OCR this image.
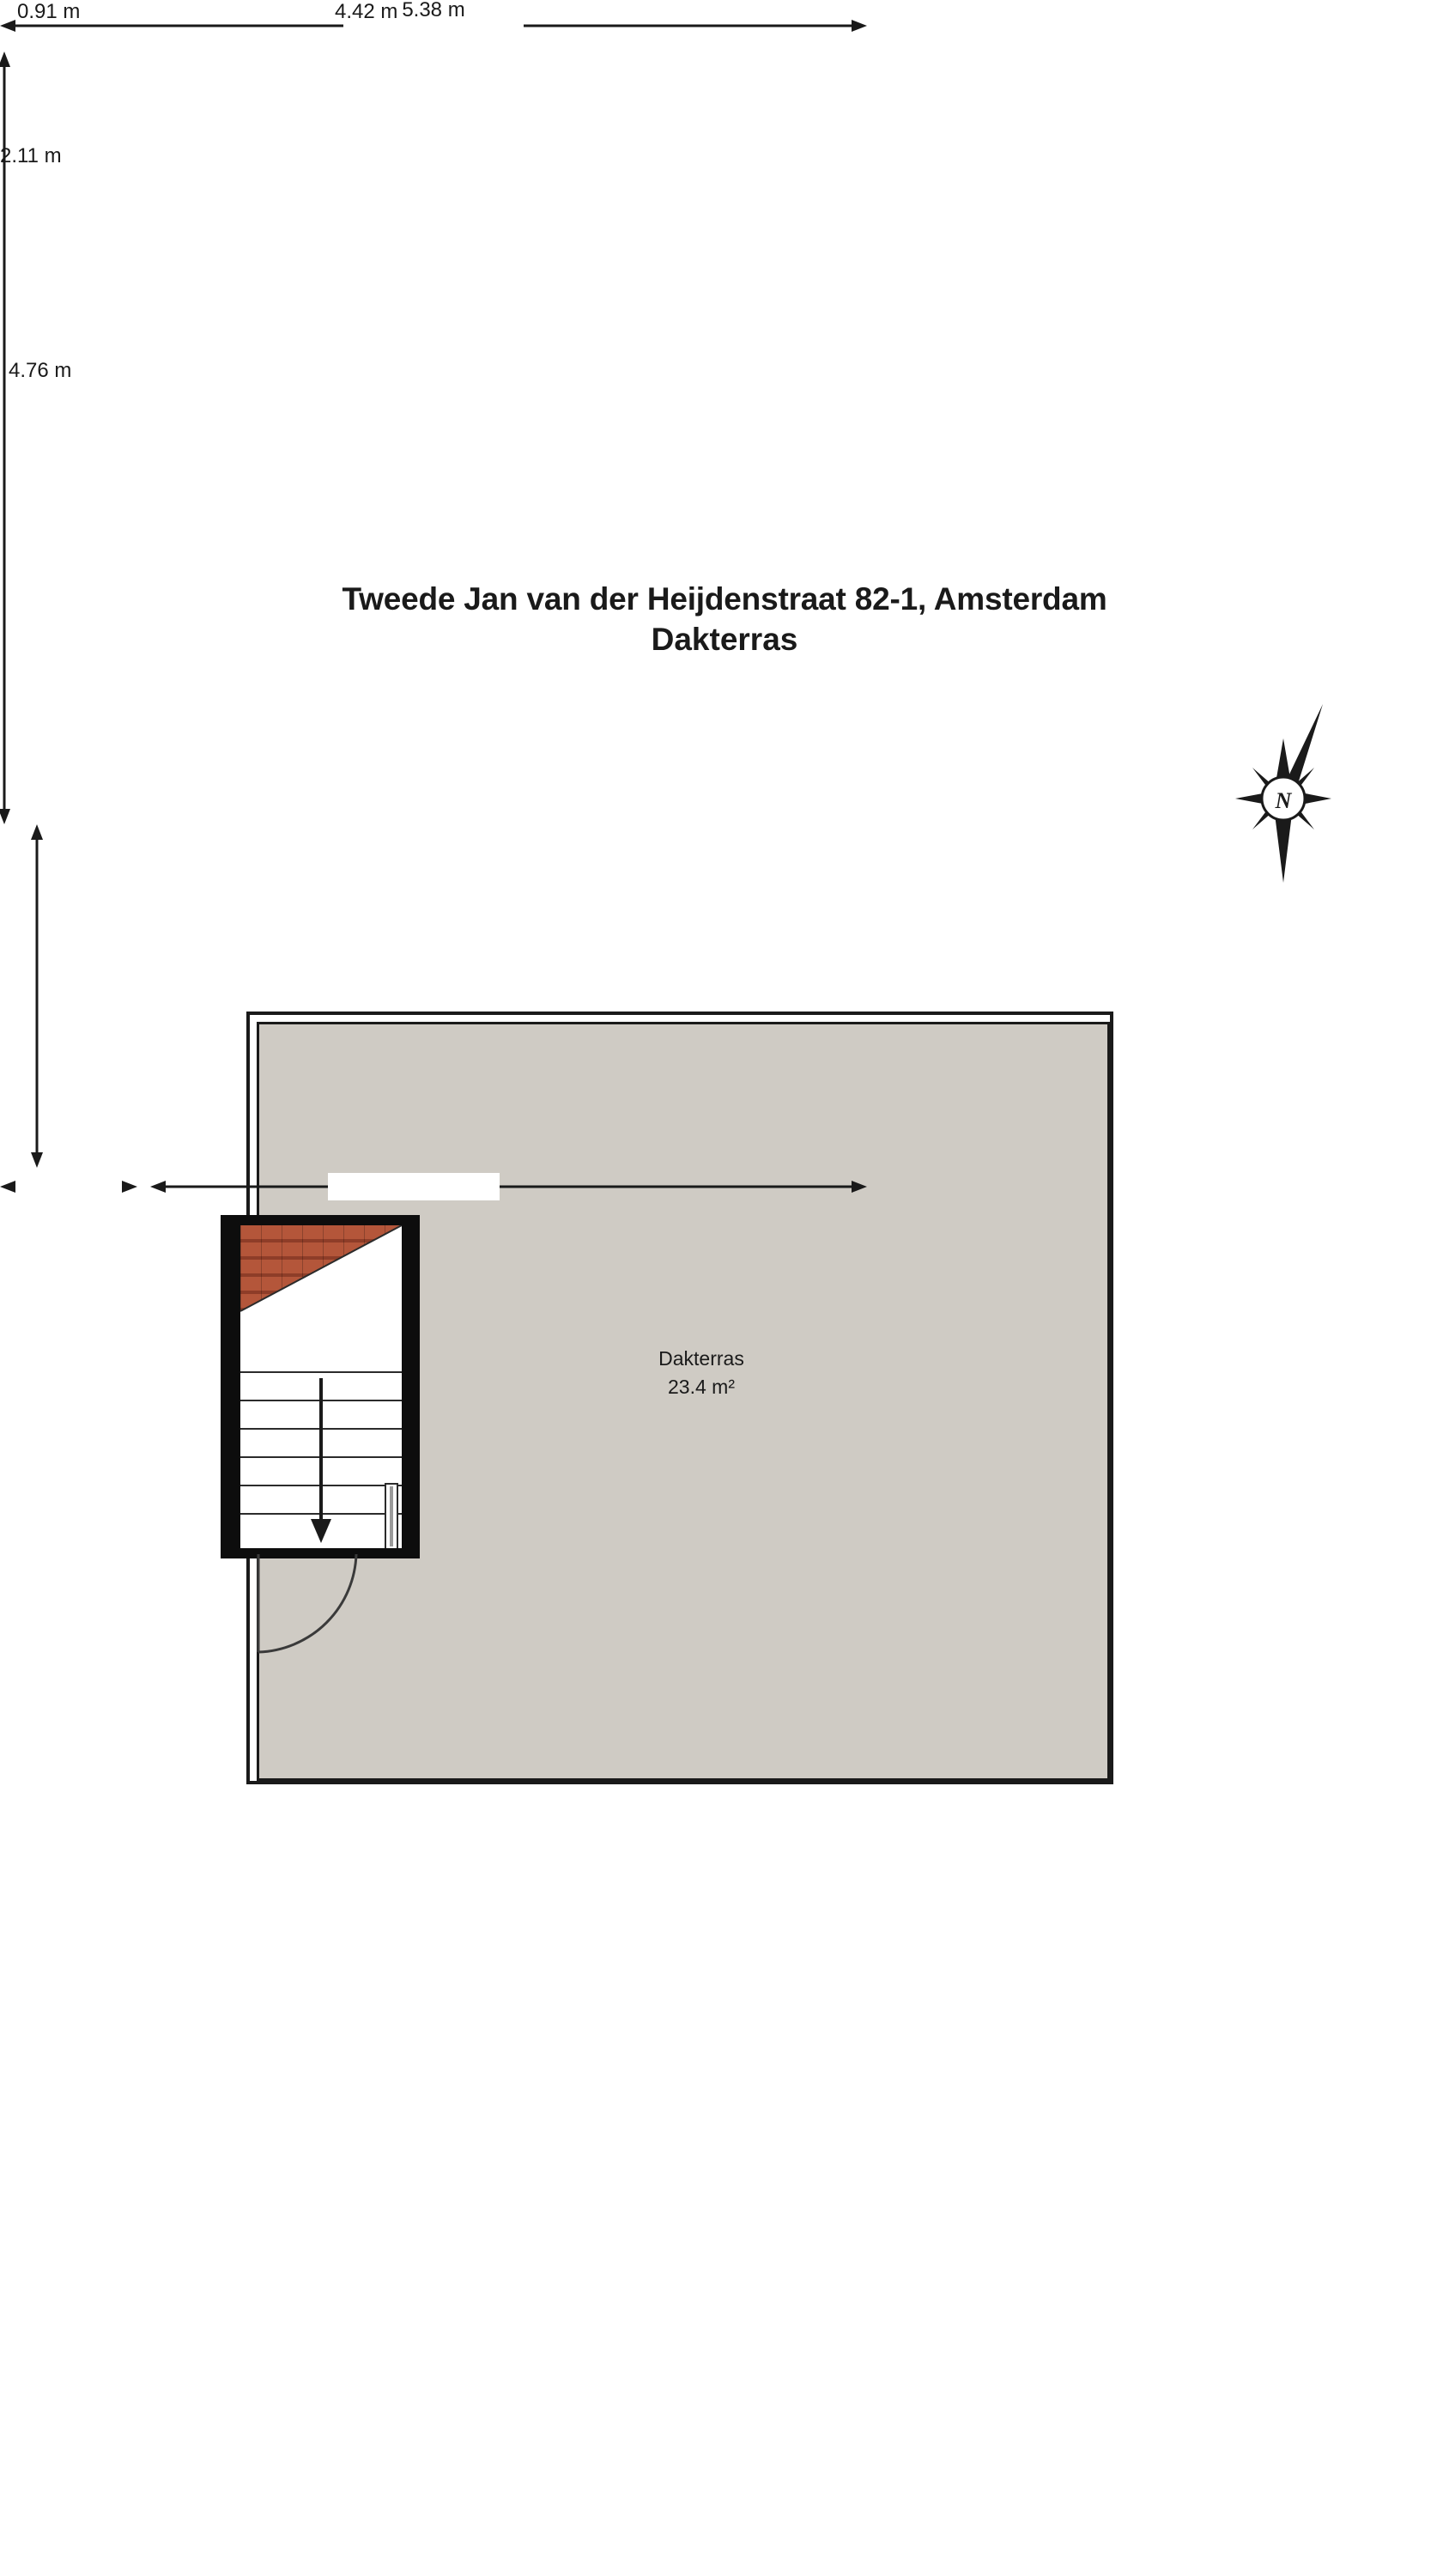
Tweede Jan van der Heijdenstraat 82-1, Amsterdam
Dakterras
N
Dakterras
23.4 m²
5.38 m
4.76 m
2.11 m
0.91 m	4.42 m
